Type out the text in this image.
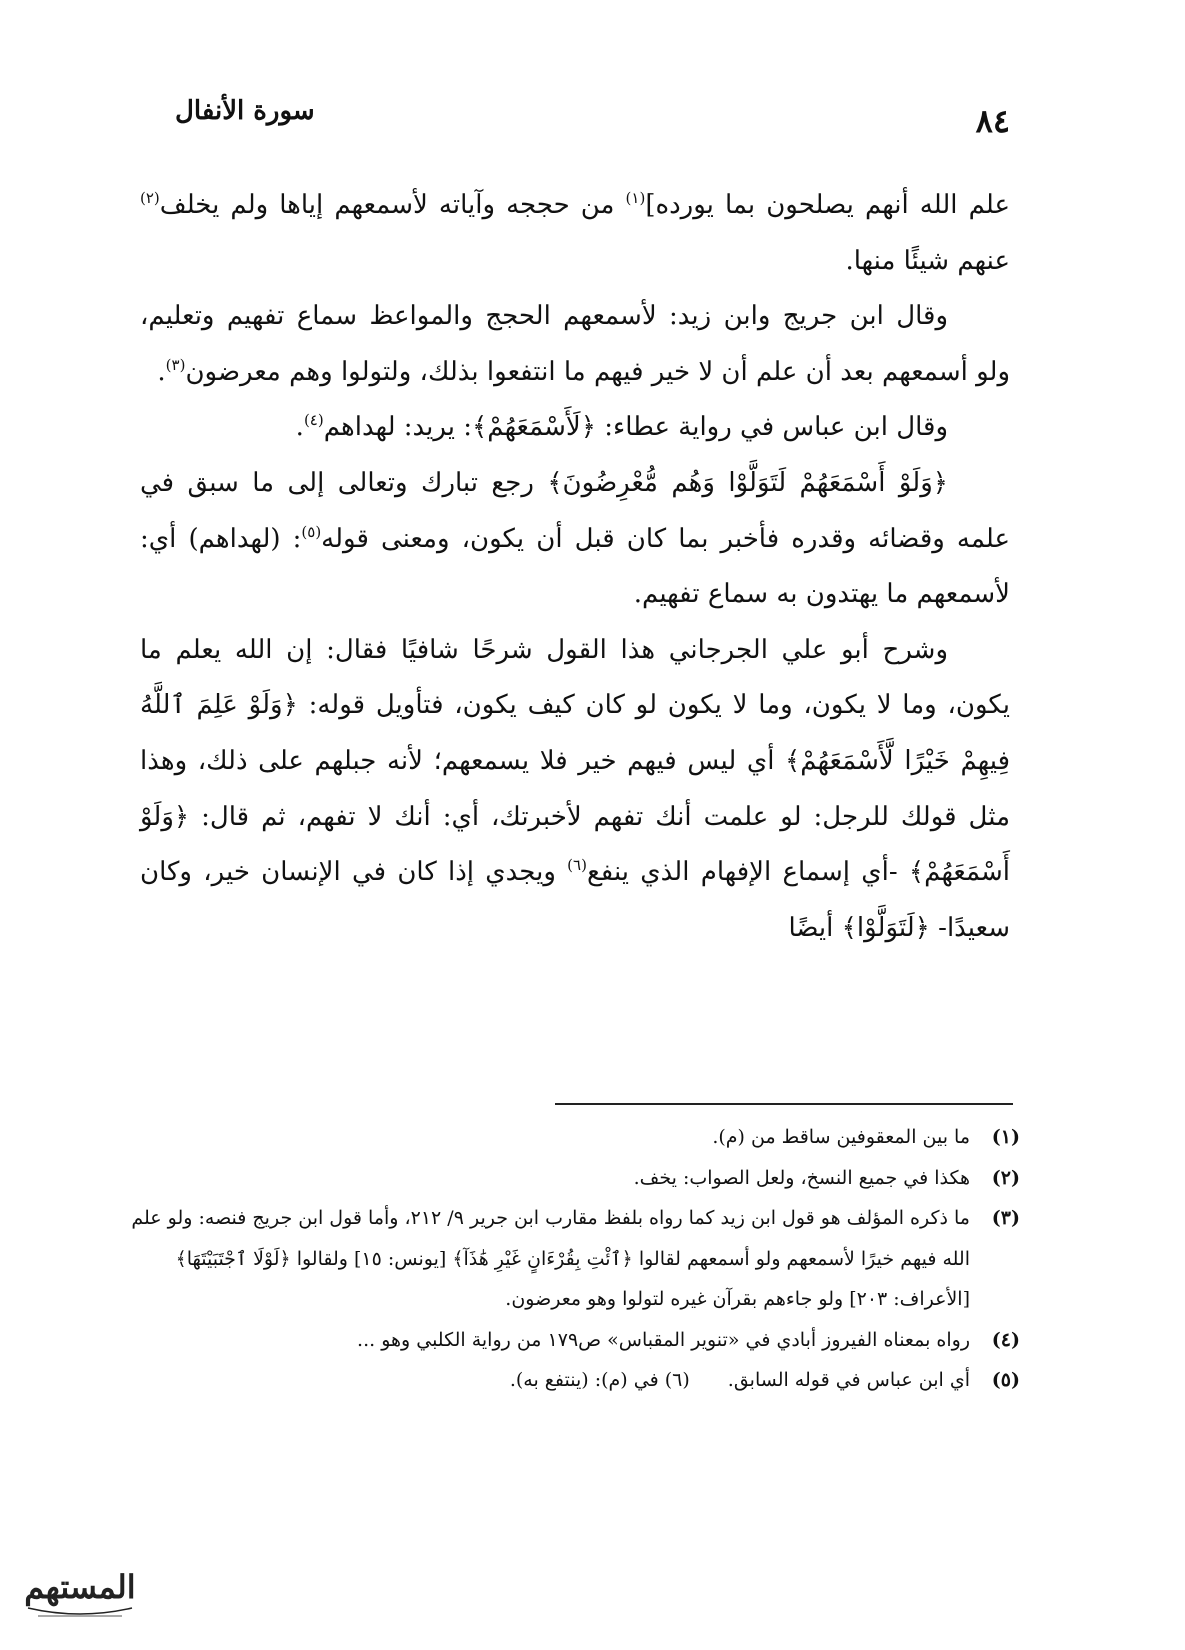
٨٤
سورة الأنفال

علم الله أنهم يصلحون بما يورده]$^{(١)}$ من حججه وآياته لأسمعهم إياها ولم يخلف$^{(٢)}$ عنهم شيئًا منها.

وقال ابن جريج وابن زيد: لأسمعهم الحجج والمواعظ سماع تفهيم وتعليم، ولو أسمعهم بعد أن علم أن لا خير فيهم ما انتفعوا بذلك، ولتولوا وهم معرضون$^{(٣)}$.

وقال ابن عباس في رواية عطاء: ﴿لَأَسْمَعَهُمْ﴾: يريد: لهداهم$^{(٤)}$.

﴿وَلَوْ أَسْمَعَهُمْ لَتَوَلَّوْا وَهُم مُّعْرِضُونَ﴾ رجع تبارك وتعالى إلى ما سبق في علمه وقضائه وقدره فأخبر بما كان قبل أن يكون، ومعنى قوله$^{(٥)}$: (لهداهم) أي: لأسمعهم ما يهتدون به سماع تفهيم.

وشرح أبو علي الجرجاني هذا القول شرحًا شافيًا فقال: إن الله يعلم ما يكون، وما لا يكون، وما لا يكون لو كان كيف يكون، فتأويل قوله: ﴿وَلَوْ عَلِمَ ٱللَّهُ فِيهِمْ خَيْرًا لَّأَسْمَعَهُمْ﴾ أي ليس فيهم خير فلا يسمعهم؛ لأنه جبلهم على ذلك، وهذا مثل قولك للرجل: لو علمت أنك تفهم لأخبرتك، أي: أنك لا تفهم، ثم قال: ﴿وَلَوْ أَسْمَعَهُمْ﴾ -أي إسماع الإفهام الذي ينفع$^{(٦)}$ ويجدي إذا كان في الإنسان خير، وكان سعيدًا- ﴿لَتَوَلَّوْا﴾ أيضًا

(١)
ما بين المعقوفين ساقط من (م).
(٢)
هكذا في جميع النسخ، ولعل الصواب: يخف.
(٣)
ما ذكره المؤلف هو قول ابن زيد كما رواه بلفظ مقارب ابن جرير ٩/ ٢١٢، وأما قول ابن جريج فنصه: ولو علم الله فيهم خيرًا لأسمعهم ولو أسمعهم لقالوا ﴿ٱئْتِ بِقُرْءَانٍ غَيْرِ هَٰذَآ﴾ [يونس: ١٥] ولقالوا ﴿لَوْلَا ٱجْتَبَيْتَهَا﴾ [الأعراف: ٢٠٣] ولو جاءهم بقرآن غيره لتولوا وهو معرضون.
(٤)
رواه بمعناه الفيروز أبادي في «تنوير المقباس» ص١٧٩ من رواية الكلبي وهو ...
(٥)
أي ابن عباس في قوله السابق.(٦) في (م): (ينتفع به).
المستهم
